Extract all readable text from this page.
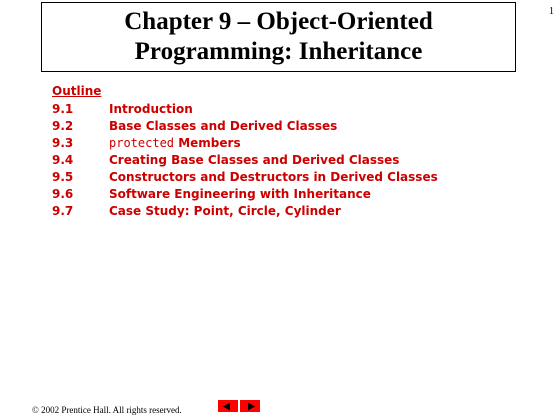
1
Chapter 9 – Object-Oriented
Programming: Inheritance
Outline
9.1	Introduction
9.2	Base Classes and Derived Classes
9.3	protected Members
9.4	Creating Base Classes and Derived Classes
9.5	Constructors and Destructors in Derived Classes
9.6	Software Engineering with Inheritance
9.7	Case Study: Point, Circle, Cylinder
© 2002 Prentice Hall. All rights reserved.
